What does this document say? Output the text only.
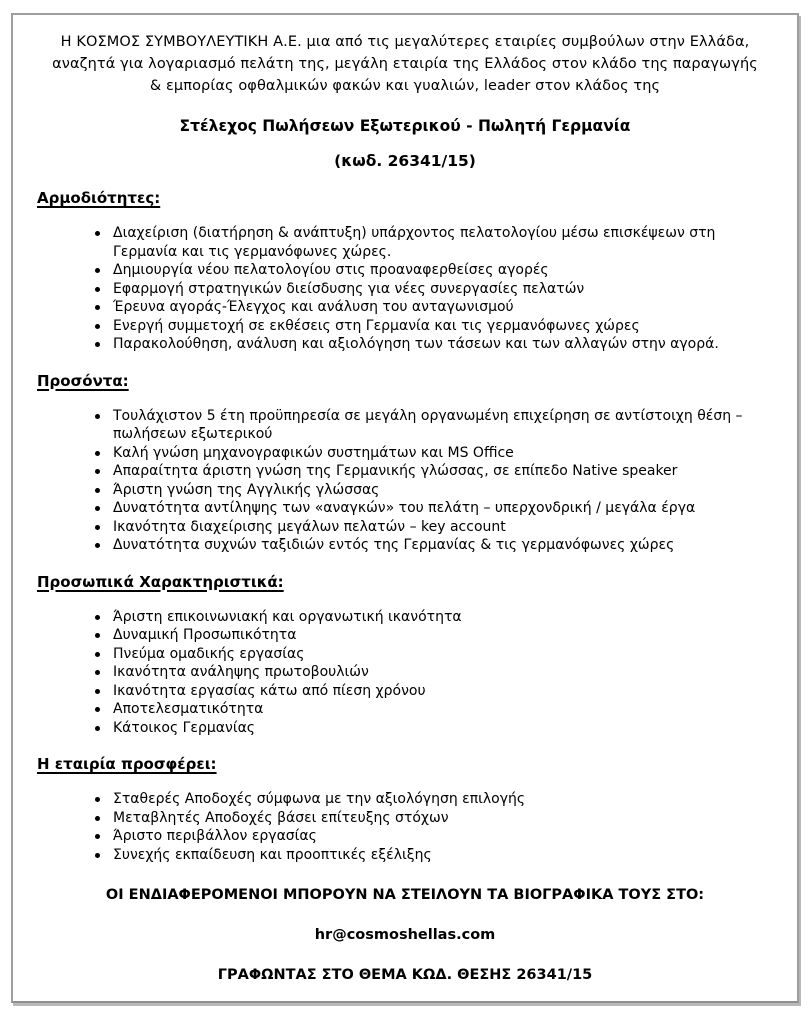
Η ΚΟΣΜΟΣ ΣΥΜΒΟΥΛΕΥΤΙΚΗ Α.Ε. μια από τις μεγαλύτερες εταιρίες συμβούλων στην Ελλάδα, αναζητά για λογαριασμό πελάτη της, μεγάλη εταιρία της Ελλάδος στον κλάδο της παραγωγής & εμπορίας οφθαλμικών φακών και γυαλιών, leader στον κλάδος της

Στέλεχος Πωλήσεων Εξωτερικού - Πωλητή Γερμανία

(κωδ. 26341/15)

Αρμοδιότητες:
Διαχείριση (διατήρηση & ανάπτυξη) υπάρχοντος πελατολογίου μέσω επισκέψεων στη Γερμανία και τις γερμανόφωνες χώρες.
Δημιουργία νέου πελατολογίου στις προαναφερθείσες αγορές
Εφαρμογή στρατηγικών διείσδυσης για νέες συνεργασίες πελατών
Έρευνα αγοράς-Έλεγχος και ανάλυση του ανταγωνισμού
Ενεργή συμμετοχή σε εκθέσεις στη Γερμανία και τις γερμανόφωνες χώρες
Παρακολούθηση, ανάλυση και αξιολόγηση των τάσεων και των αλλαγών στην αγορά.
Προσόντα:
Τουλάχιστον 5 έτη προϋπηρεσία σε μεγάλη οργανωμένη επιχείρηση σε αντίστοιχη θέση – πωλήσεων εξωτερικού
Καλή γνώση μηχανογραφικών συστημάτων και MS Office
Απαραίτητα άριστη γνώση της Γερμανικής γλώσσας, σε επίπεδο Native speaker
Άριστη γνώση της Αγγλικής γλώσσας
Δυνατότητα αντίληψης των «αναγκών» του πελάτη – υπερχονδρική / μεγάλα έργα
Ικανότητα διαχείρισης μεγάλων πελατών – key account
Δυνατότητα συχνών ταξιδιών εντός της Γερμανίας & τις γερμανόφωνες χώρες
Προσωπικά Χαρακτηριστικά:
Άριστη επικοινωνιακή και οργανωτική ικανότητα
Δυναμική Προσωπικότητα
Πνεύμα ομαδικής εργασίας
Ικανότητα ανάληψης πρωτοβουλιών
Ικανότητα εργασίας κάτω από πίεση χρόνου
Αποτελεσματικότητα
Κάτοικος Γερμανίας
Η εταιρία προσφέρει:
Σταθερές Αποδοχές σύμφωνα με την αξιολόγηση επιλογής
Μεταβλητές Αποδοχές βάσει επίτευξης στόχων
Άριστο περιβάλλον εργασίας
Συνεχής εκπαίδευση και προοπτικές εξέλιξης

ΟΙ ΕΝΔΙΑΦΕΡΟΜΕΝΟΙ ΜΠΟΡΟΥΝ ΝΑ ΣΤΕΙΛΟΥΝ ΤΑ ΒΙΟΓΡΑΦΙΚΑ ΤΟΥΣ ΣΤΟ:

hr@cosmoshellas.com

ΓΡΑΦΩΝΤΑΣ ΣΤΟ ΘΕΜΑ ΚΩΔ. ΘΕΣΗΣ 26341/15
